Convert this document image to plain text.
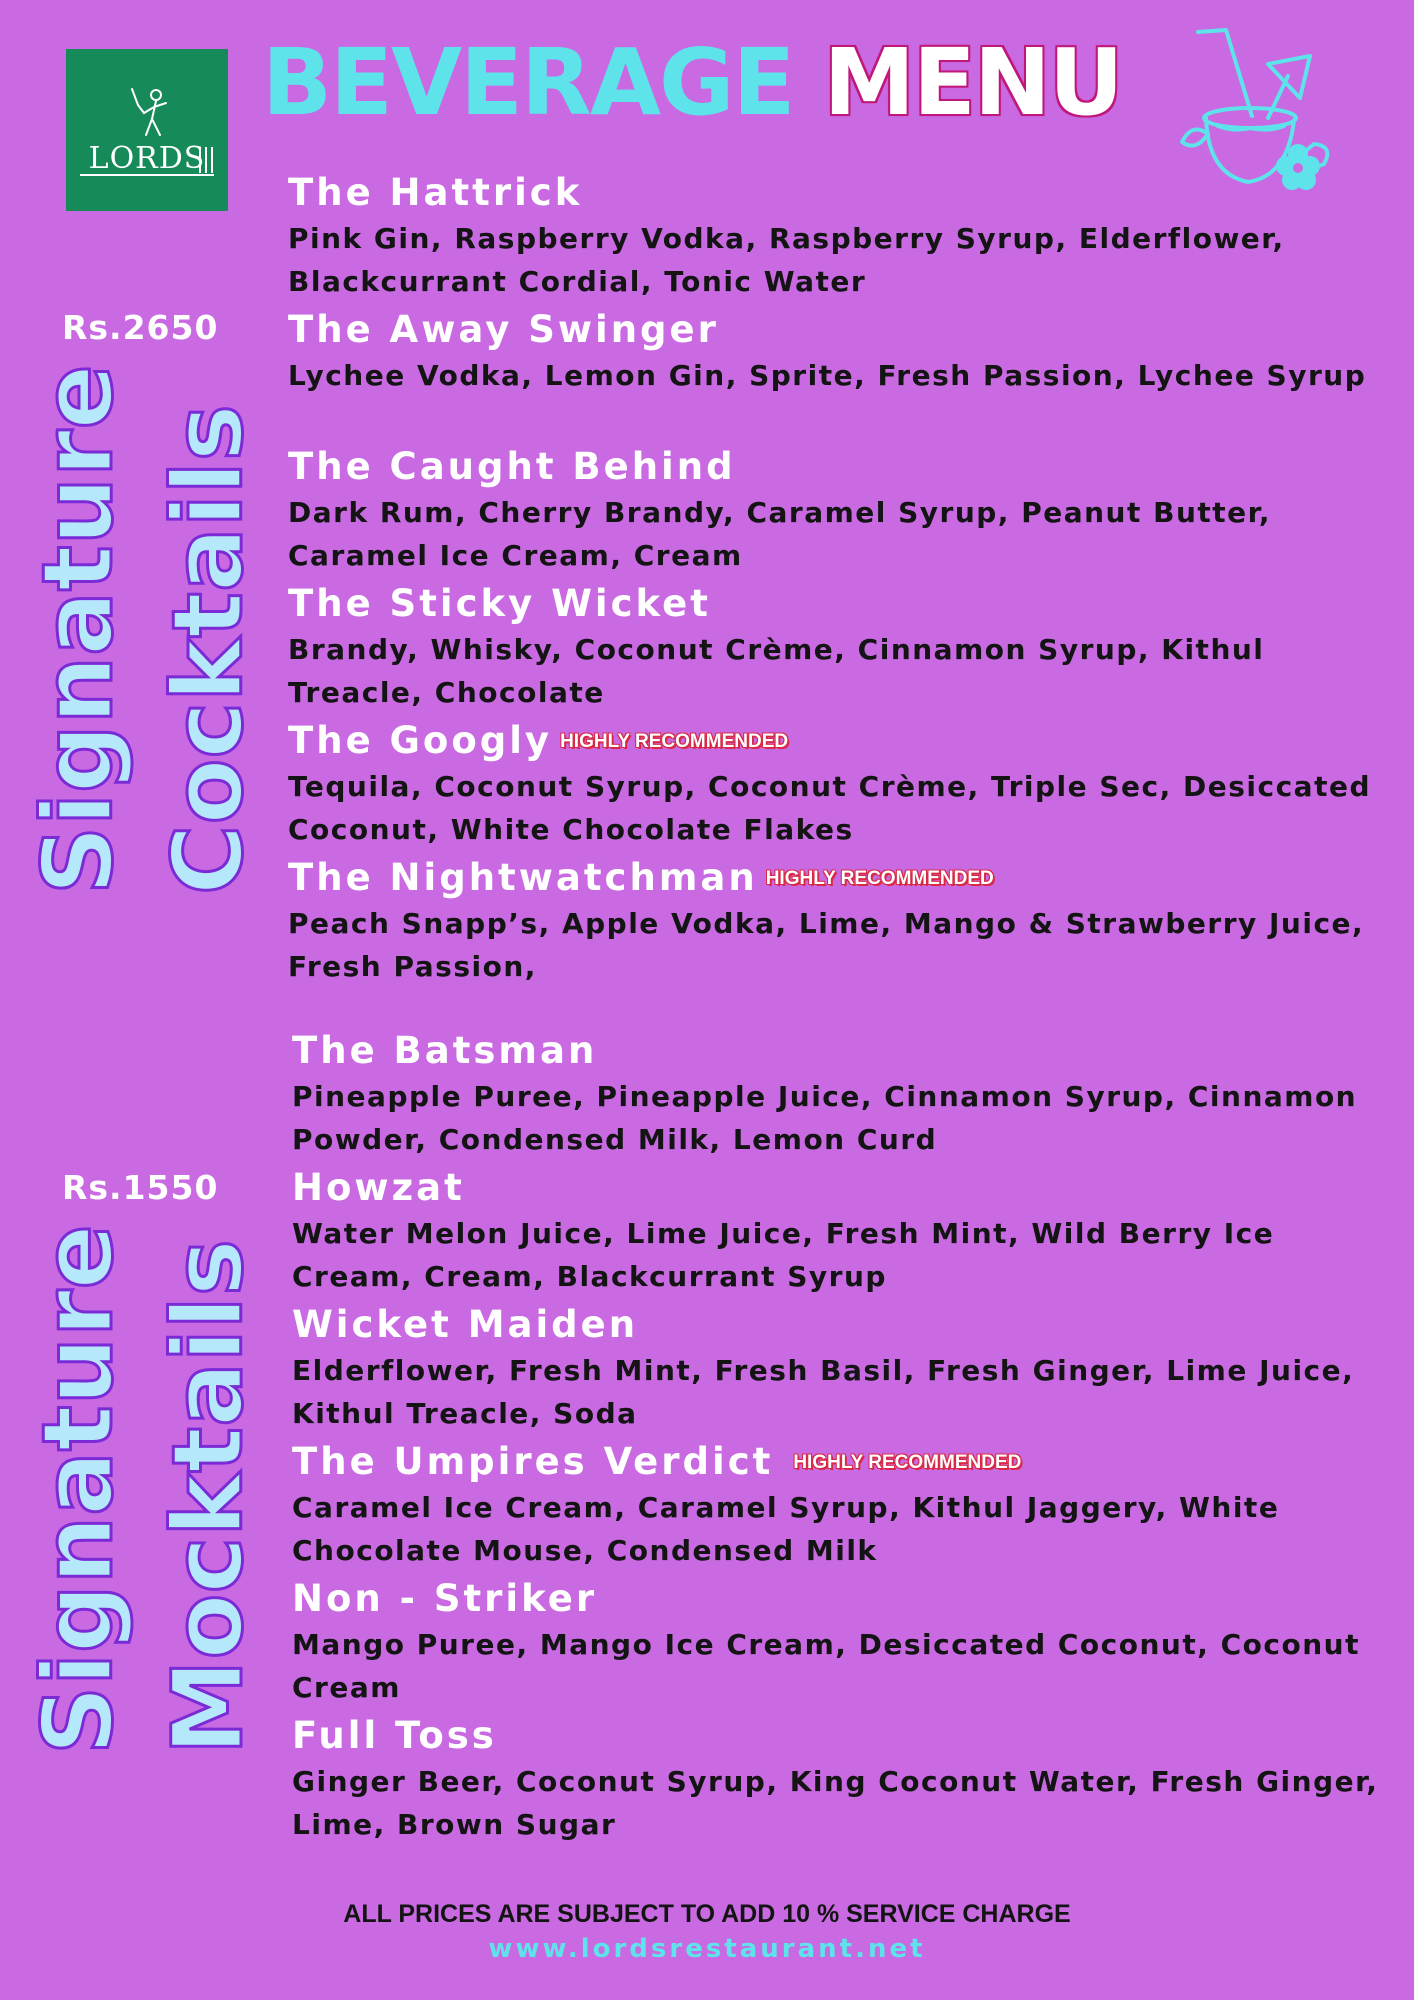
LORDS
BEVERAGE MENU
Rs.2650
Signature Cocktails
The Hattrick
Pink Gin, Raspberry Vodka, Raspberry Syrup, Elderflower, Blackcurrant Cordial, Tonic Water
The Away Swinger
Lychee Vodka, Lemon Gin, Sprite, Fresh Passion, Lychee Syrup
The Caught Behind
Dark Rum, Cherry Brandy, Caramel Syrup, Peanut Butter, Caramel Ice Cream, Cream
The Sticky Wicket
Brandy, Whisky, Coconut Crème, Cinnamon Syrup, Kithul Treacle, Chocolate
The Googly HIGHLY RECOMMENDED
Tequila, Coconut Syrup, Coconut Crème, Triple Sec, Desiccated Coconut, White Chocolate Flakes
The Nightwatchman HIGHLY RECOMMENDED
Peach Snapp’s, Apple Vodka, Lime, Mango & Strawberry Juice, Fresh Passion,
Rs.1550
Signature Mocktails
The Batsman
Pineapple Puree, Pineapple Juice, Cinnamon Syrup, Cinnamon Powder, Condensed Milk, Lemon Curd
Howzat
Water Melon Juice, Lime Juice, Fresh Mint, Wild Berry Ice Cream, Cream, Blackcurrant Syrup
Wicket Maiden
Elderflower, Fresh Mint, Fresh Basil, Fresh Ginger, Lime Juice, Kithul Treacle, Soda
The Umpires Verdict HIGHLY RECOMMENDED
Caramel Ice Cream, Caramel Syrup, Kithul Jaggery, White Chocolate Mouse, Condensed Milk
Non - Striker
Mango Puree, Mango Ice Cream, Desiccated Coconut, Coconut Cream
Full Toss
Ginger Beer, Coconut Syrup, King Coconut Water, Fresh Ginger, Lime, Brown Sugar
ALL PRICES ARE SUBJECT TO ADD 10 % SERVICE CHARGE
www.lordsrestaurant.net
